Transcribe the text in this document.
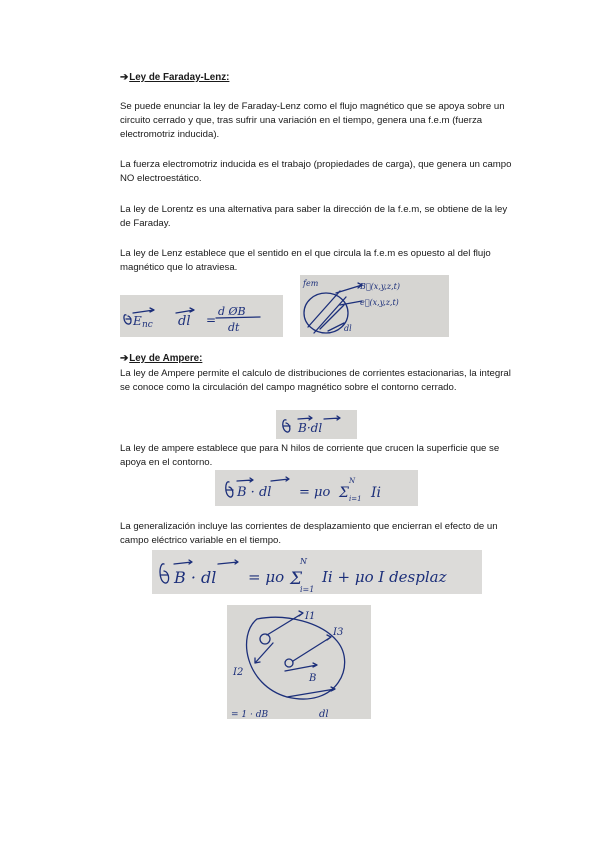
➔Ley de Faraday-Lenz:
Se puede enunciar la ley de Faraday-Lenz como el flujo magnético que se apoya sobre un circuito cerrado y que, tras sufrir una variación en el tiempo, genera una f.e.m (fuerza electromotriz inducida).
La fuerza electromotriz inducida es el trabajo (propiedades de carga), que genera un campo NO electroestático.
La ley de Lorentz es una alternativa para saber la dirección de la f.e.m, se obtiene de la ley de Faraday.
La ley de Lenz establece que el sentido en el que circula la f.e.m es opuesto al del flujo magnético que lo atraviesa.
E nc dl =
d ØB
dt
fem	B⃗(x,y,z,t)
e⃗(x,y,z,t)
dl
➔Ley de Ampere:
La ley de Ampere permite el calculo de distribuciones de corrientes estacionarias, la integral se conoce como la circulación del campo magnético sobre el contorno cerrado.
B·dl
La ley de ampere establece que para N hilos de corriente que crucen la superficie que se apoya en el contorno.
B · dl = μo Σ
N
i=1 Ii
La generalización incluye las corrientes de desplazamiento que encierran el efecto de un campo eléctrico variable en el tiempo.
B · dl = μo Σ
N
i=1
Ii + μo I desplaz
I1
I3
I2
B
dl
= 1 · dB
